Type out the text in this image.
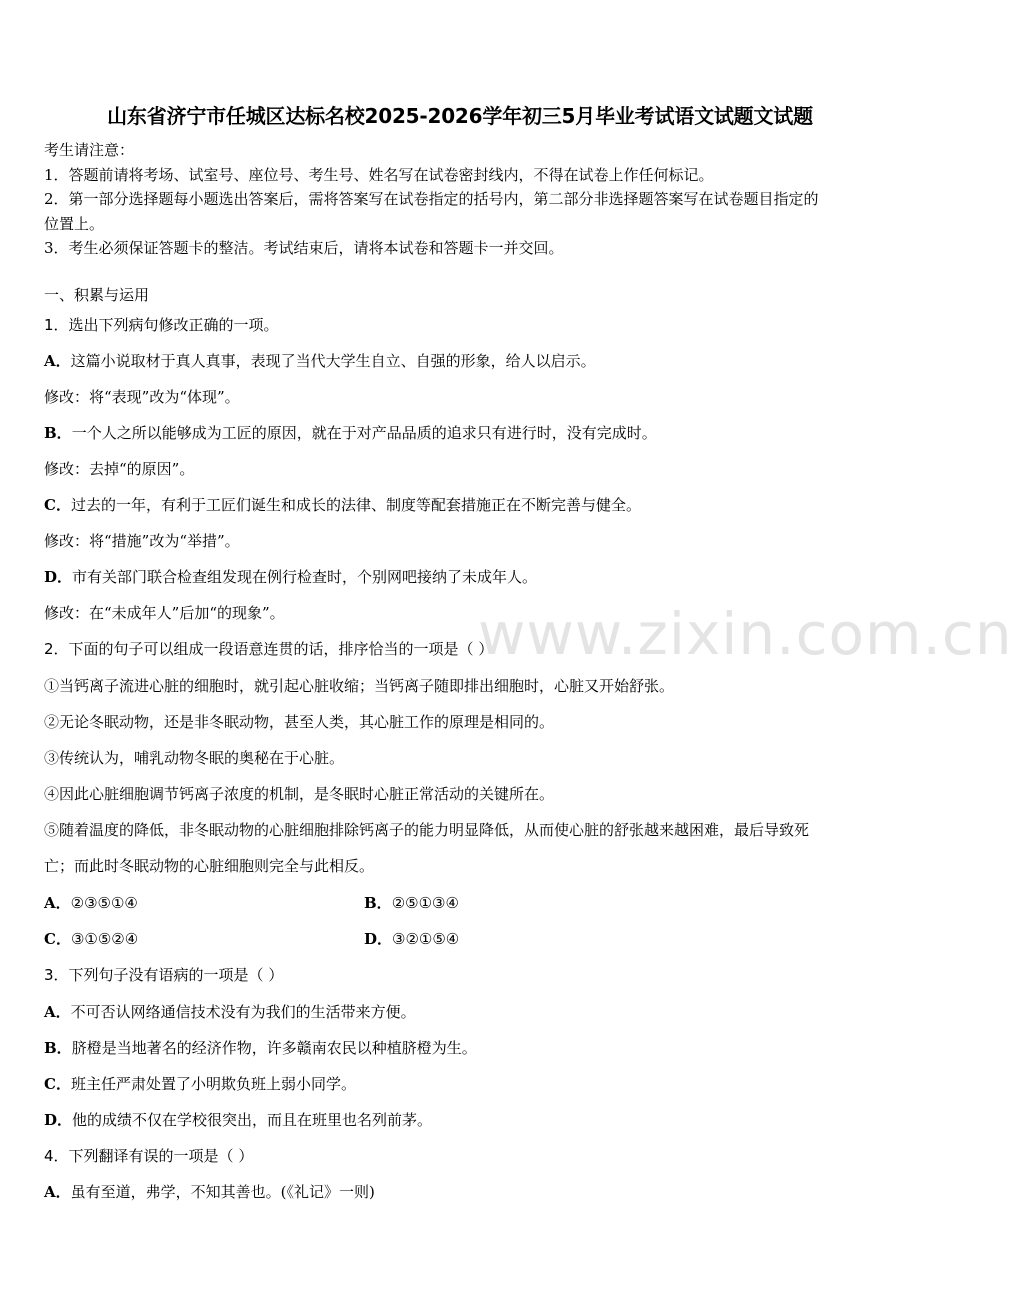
www.zixin.com.cn
山东省济宁市任城区达标名校2025-2026学年初三5月毕业考试语文试题文试题
考生请注意：
1．答题前请将考场、试室号、座位号、考生号、姓名写在试卷密封线内，不得在试卷上作任何标记。
2．第一部分选择题每小题选出答案后，需将答案写在试卷指定的括号内，第二部分非选择题答案写在试卷题目指定的
位置上。
3．考生必须保证答题卡的整洁。考试结束后，请将本试卷和答题卡一并交回。
一、积累与运用
1．选出下列病句修改正确的一项。
A．这篇小说取材于真人真事，表现了当代大学生自立、自强的形象，给人以启示。
修改：将“表现”改为“体现”。
B．一个人之所以能够成为工匠的原因，就在于对产品品质的追求只有进行时，没有完成时。
修改：去掉“的原因”。
C．过去的一年，有利于工匠们诞生和成长的法律、制度等配套措施正在不断完善与健全。
修改：将“措施”改为“举措”。
D．市有关部门联合检查组发现在例行检查时，个别网吧接纳了未成年人。
修改：在“未成年人”后加“的现象”。
2．下面的句子可以组成一段语意连贯的话，排序恰当的一项是（ ）
①当钙离子流进心脏的细胞时，就引起心脏收缩；当钙离子随即排出细胞时，心脏又开始舒张。
②无论冬眠动物，还是非冬眠动物，甚至人类，其心脏工作的原理是相同的。
③传统认为，哺乳动物冬眠的奥秘在于心脏。
④因此心脏细胞调节钙离子浓度的机制，是冬眠时心脏正常活动的关键所在。
⑤随着温度的降低，非冬眠动物的心脏细胞排除钙离子的能力明显降低，从而使心脏的舒张越来越困难，最后导致死
亡；而此时冬眠动物的心脏细胞则完全与此相反。
A．②③⑤①④	B．②⑤①③④
C．③①⑤②④	D．③②①⑤④
3．下列句子没有语病的一项是（ ）
A．不可否认网络通信技术没有为我们的生活带来方便。
B．脐橙是当地著名的经济作物，许多赣南农民以种植脐橙为生。
C．班主任严肃处置了小明欺负班上弱小同学。
D．他的成绩不仅在学校很突出，而且在班里也名列前茅。
4．下列翻译有误的一项是（ ）
A．虽有至道，弗学，不知其善也。(《礼记》一则)
